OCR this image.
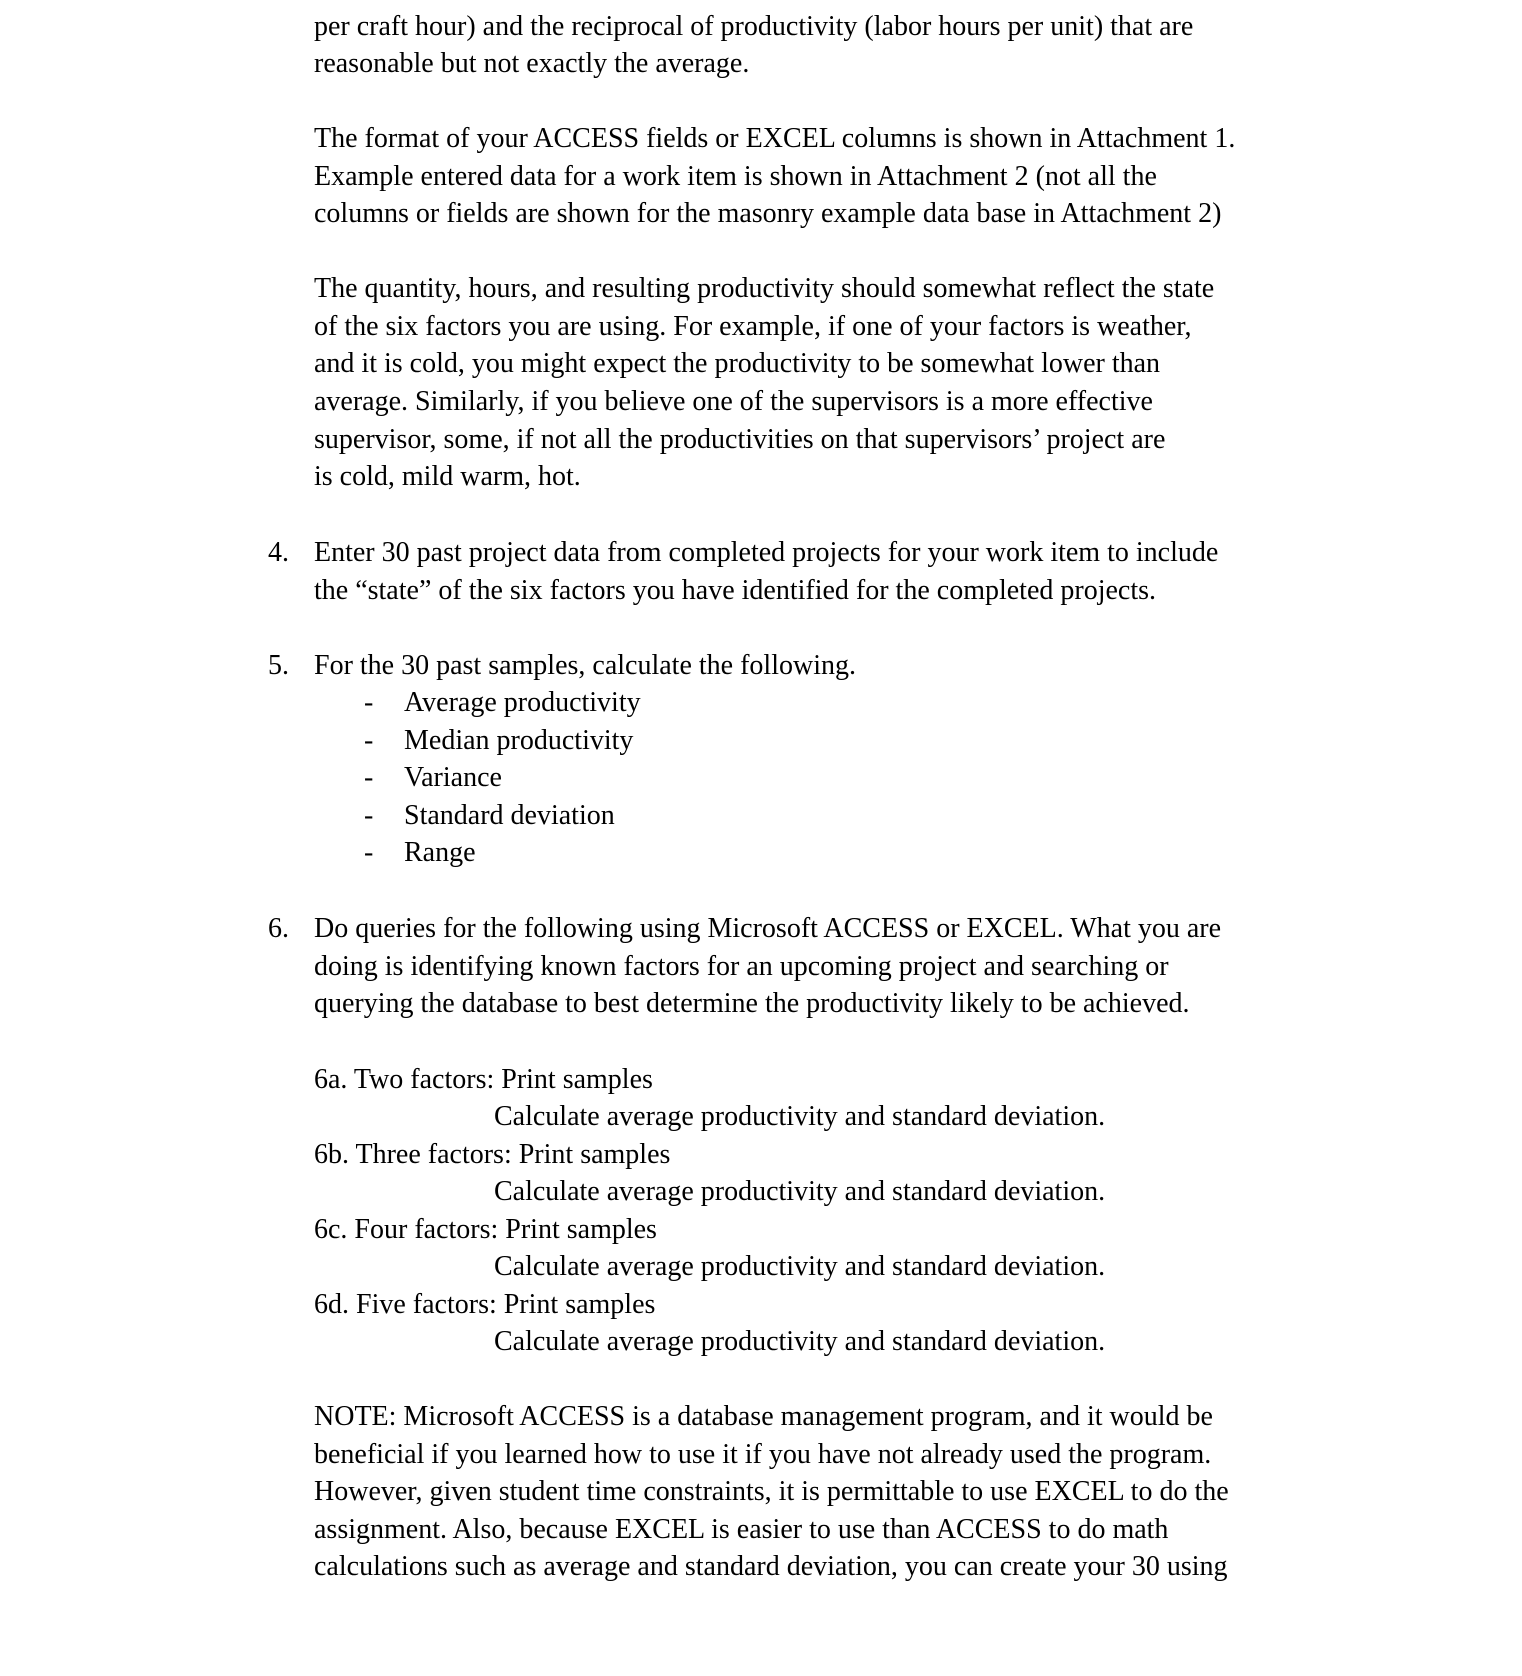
per craft hour) and the reciprocal of productivity (labor hours per unit) that are
reasonable but not exactly the average.
The format of your ACCESS fields or EXCEL columns is shown in Attachment 1.
Example entered data for a work item is shown in Attachment 2 (not all the
columns or fields are shown for the masonry example data base in Attachment 2)
The quantity, hours, and resulting productivity should somewhat reflect the state
of the six factors you are using. For example, if one of your factors is weather,
and it is cold, you might expect the productivity to be somewhat lower than
average. Similarly, if you believe one of the supervisors is a more effective
supervisor, some, if not all the productivities on that supervisors’ project are
is cold, mild warm, hot.
4. Enter 30 past project data from completed projects for your work item to include
the “state” of the six factors you have identified for the completed projects.
5. For the 30 past samples, calculate the following.
- Average productivity
- Median productivity
- Variance
- Standard deviation
- Range
6. Do queries for the following using Microsoft ACCESS or EXCEL. What you are
doing is identifying known factors for an upcoming project and searching or
querying the database to best determine the productivity likely to be achieved.
6a. Two factors: Print samples
Calculate average productivity and standard deviation.
6b. Three factors: Print samples
Calculate average productivity and standard deviation.
6c. Four factors: Print samples
Calculate average productivity and standard deviation.
6d. Five factors: Print samples
Calculate average productivity and standard deviation.
NOTE: Microsoft ACCESS is a database management program, and it would be
beneficial if you learned how to use it if you have not already used the program.
However, given student time constraints, it is permittable to use EXCEL to do the
assignment. Also, because EXCEL is easier to use than ACCESS to do math
calculations such as average and standard deviation, you can create your 30 using
